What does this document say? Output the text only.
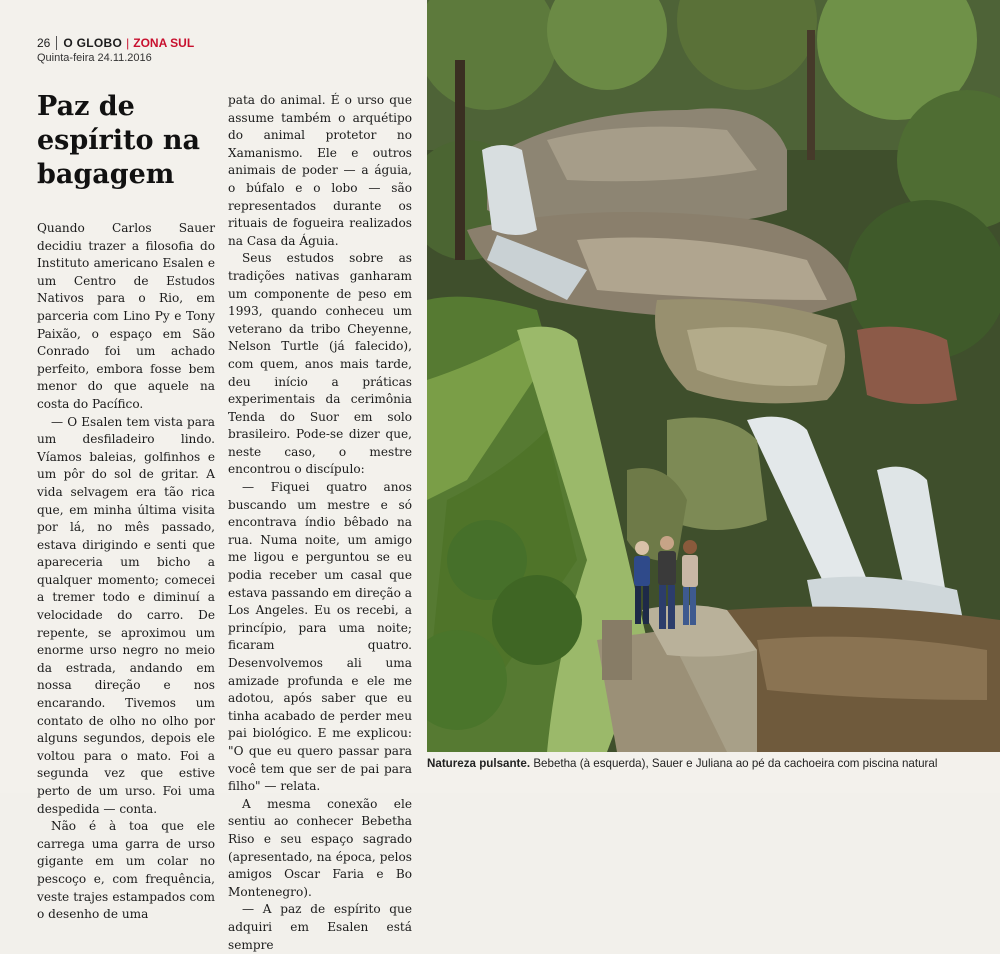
26	O GLOBO | ZONA SUL
Quinta-feira 24.11.2016
Paz de espírito na bagagem

Quando Carlos Sauer decidiu trazer a filosofia do Instituto americano Esalen e um Centro de Estudos Nativos para o Rio, em parceria com Lino Py e Tony Paixão, o espaço em São Conrado foi um achado perfeito, embora fosse bem menor do que aquele na costa do Pacífico.

— O Esalen tem vista para um desfiladeiro lindo. Víamos baleias, golfinhos e um pôr do sol de gritar. A vida selvagem era tão rica que, em minha última visita por lá, no mês passado, estava dirigindo e senti que apareceria um bicho a qualquer momento; comecei a tremer todo e diminuí a velocidade do carro. De repente, se aproximou um enorme urso negro no meio da estrada, andando em nossa direção e nos encarando. Tivemos um contato de olho no olho por alguns segundos, depois ele voltou para o mato. Foi a segunda vez que estive perto de um urso. Foi uma despedida — conta.

Não é à toa que ele carrega uma garra de urso gigante em um colar no pescoço e, com frequência, veste trajes estampados com o desenho de uma

pata do animal. É o urso que assume também o arquétipo do animal protetor no Xamanismo. Ele e outros animais de poder — a águia, o búfalo e o lobo — são representados durante os rituais de fogueira realizados na Casa da Águia.

Seus estudos sobre as tradições nativas ganharam um componente de peso em 1993, quando conheceu um veterano da tribo Cheyenne, Nelson Turtle (já falecido), com quem, anos mais tarde, deu início a práticas experimentais da cerimônia Tenda do Suor em solo brasileiro. Pode-se dizer que, neste caso, o mestre encontrou o discípulo:

— Fiquei quatro anos buscando um mestre e só encontrava índio bêbado na rua. Numa noite, um amigo me ligou e perguntou se eu podia receber um casal que estava passando em direção a Los Angeles. Eu os recebi, a princípio, para uma noite; ficaram quatro. Desenvolvemos ali uma amizade profunda e ele me adotou, após saber que eu tinha acabado de perder meu pai biológico. E me explicou: "O que eu quero passar para você tem que ser de pai para filho" — relata.

A mesma conexão ele sentiu ao conhecer Bebetha Riso e seu espaço sagrado (apresentado, na época, pelos amigos Oscar Faria e Bo Montenegro).

— A paz de espírito que adquiri em Esalen está sempre

Natureza pulsante. Bebetha (à esquerda), Sauer e Juliana ao pé da cachoeira com piscina natural
